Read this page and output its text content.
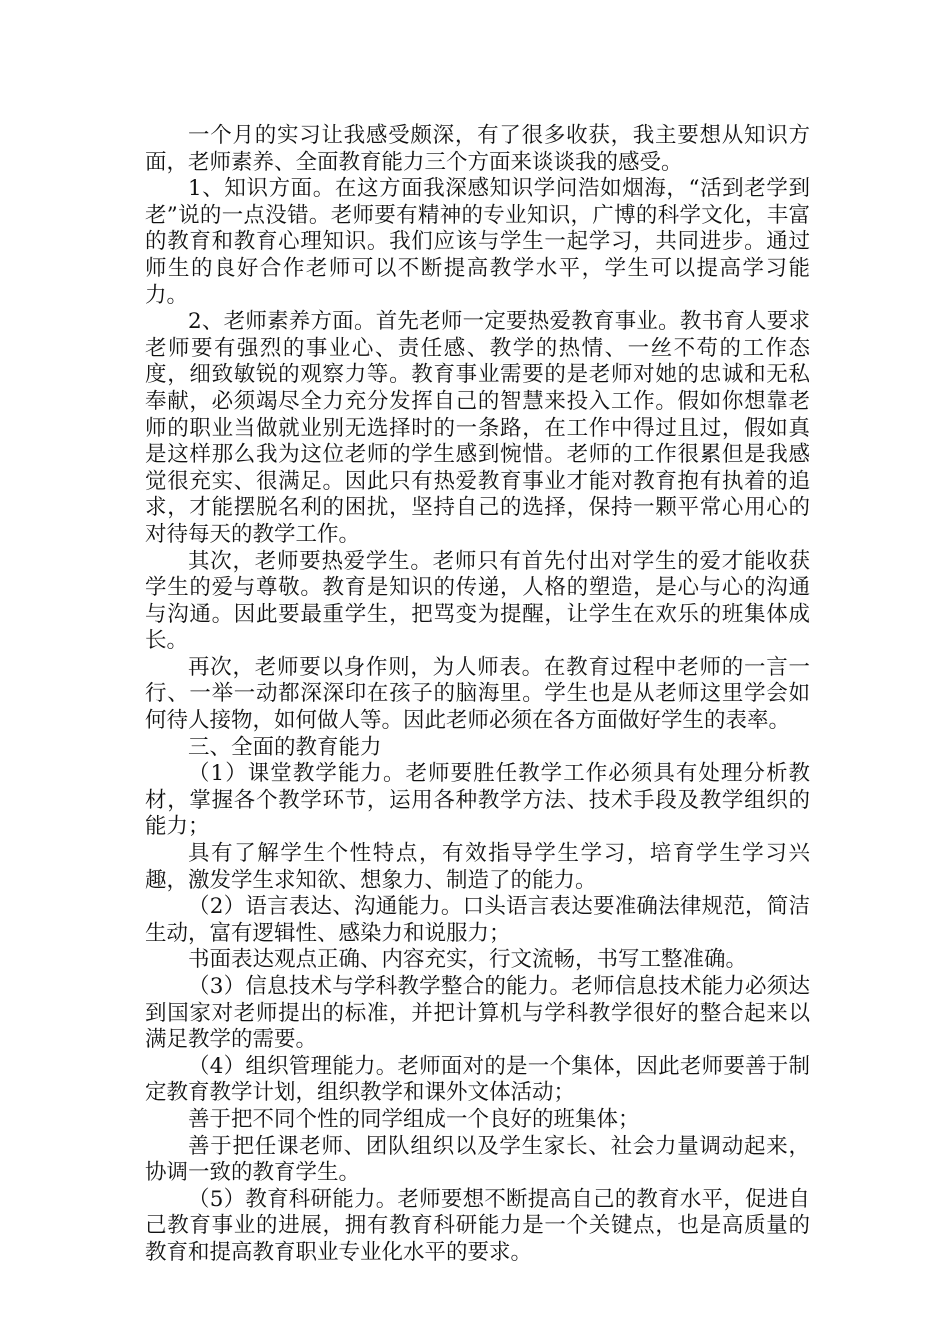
一个月的实习让我感受颇深，有了很多收获，我主要想从知识方面，老师素养、全面教育能力三个方面来谈谈我的感受。

1、知识方面。在这方面我深感知识学问浩如烟海，“活到老学到老”说的一点没错。老师要有精神的专业知识，广博的科学文化，丰富的教育和教育心理知识。我们应该与学生一起学习，共同进步。通过师生的良好合作老师可以不断提高教学水平，学生可以提高学习能力。

2、老师素养方面。首先老师一定要热爱教育事业。教书育人要求老师要有强烈的事业心、责任感、教学的热情、一丝不苟的工作态度，细致敏锐的观察力等。教育事业需要的是老师对她的忠诚和无私奉献，必须竭尽全力充分发挥自己的智慧来投入工作。假如你想靠老师的职业当做就业别无选择时的一条路，在工作中得过且过，假如真是这样那么我为这位老师的学生感到惋惜。老师的工作很累但是我感觉很充实、很满足。因此只有热爱教育事业才能对教育抱有执着的追求，才能摆脱名利的困扰，坚持自己的选择，保持一颗平常心用心的对待每天的教学工作。

其次，老师要热爱学生。老师只有首先付出对学生的爱才能收获学生的爱与尊敬。教育是知识的传递，人格的塑造，是心与心的沟通与沟通。因此要最重学生，把骂变为提醒，让学生在欢乐的班集体成长。

再次，老师要以身作则，为人师表。在教育过程中老师的一言一行、一举一动都深深印在孩子的脑海里。学生也是从老师这里学会如何待人接物，如何做人等。因此老师必须在各方面做好学生的表率。

三、全面的教育能力

（1）课堂教学能力。老师要胜任教学工作必须具有处理分析教材，掌握各个教学环节，运用各种教学方法、技术手段及教学组织的能力；

具有了解学生个性特点，有效指导学生学习，培育学生学习兴趣，激发学生求知欲、想象力、制造了的能力。

（2）语言表达、沟通能力。口头语言表达要准确法律规范，简洁生动，富有逻辑性、感染力和说服力；

书面表达观点正确、内容充实，行文流畅，书写工整准确。

（3）信息技术与学科教学整合的能力。老师信息技术能力必须达到国家对老师提出的标准，并把计算机与学科教学很好的整合起来以满足教学的需要。

（4）组织管理能力。老师面对的是一个集体，因此老师要善于制定教育教学计划，组织教学和课外文体活动；

善于把不同个性的同学组成一个良好的班集体；

善于把任课老师、团队组织以及学生家长、社会力量调动起来，协调一致的教育学生。

（5）教育科研能力。老师要想不断提高自己的教育水平，促进自己教育事业的进展，拥有教育科研能力是一个关键点，也是高质量的教育和提高教育职业专业化水平的要求。
